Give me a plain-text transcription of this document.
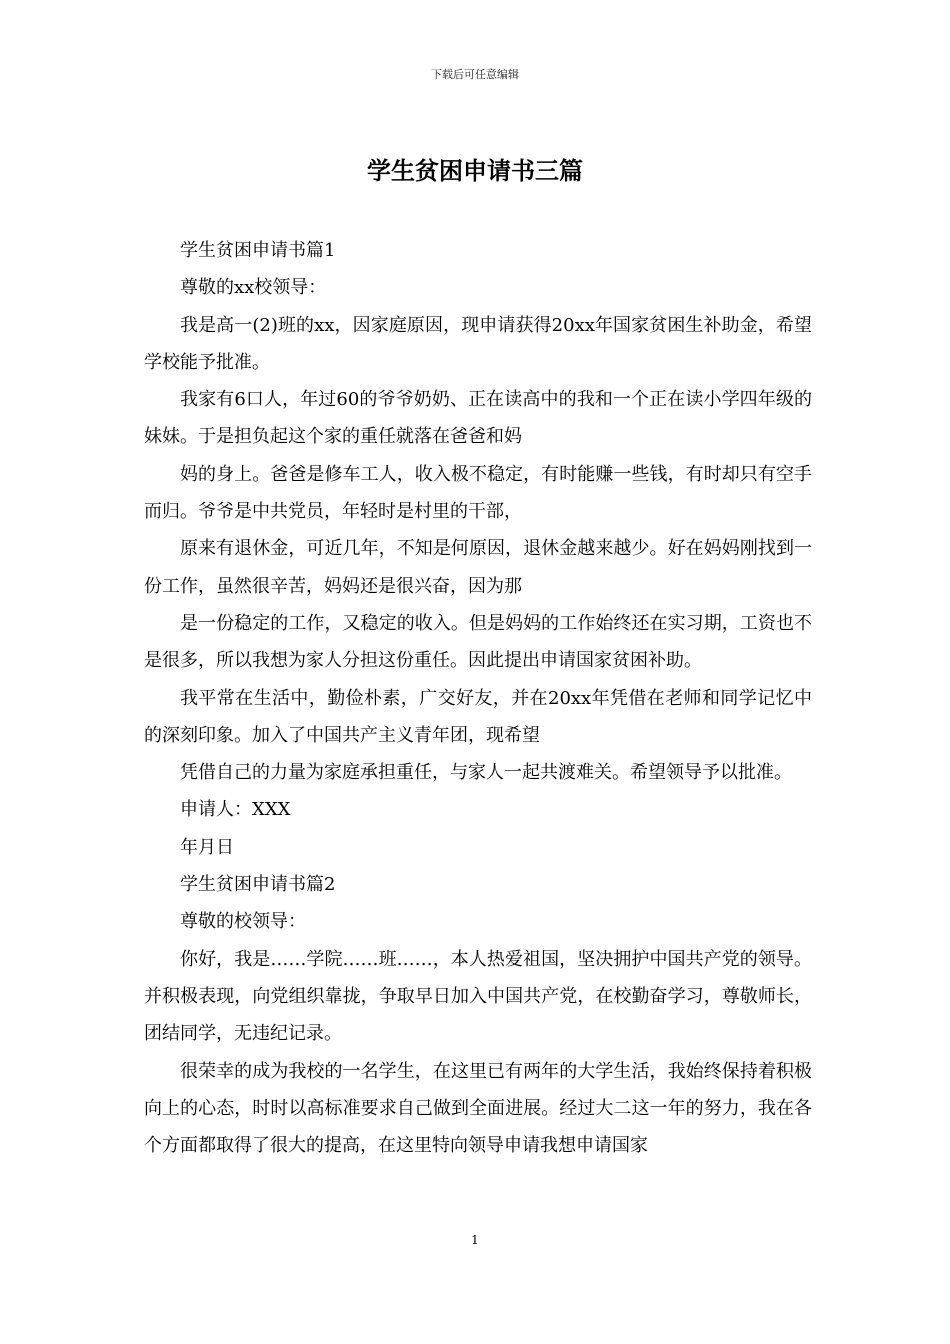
下载后可任意编辑
学生贫困申请书三篇

学生贫困申请书篇1

尊敬的xx校领导：

我是高一(2)班的xx，因家庭原因，现申请获得20xx年国家贫困生补助金，希望学校能予批准。

我家有6口人，年过60的爷爷奶奶、正在读高中的我和一个正在读小学四年级的妹妹。于是担负起这个家的重任就落在爸爸和妈

妈的身上。爸爸是修车工人，收入极不稳定，有时能赚一些钱，有时却只有空手而归。爷爷是中共党员，年轻时是村里的干部，

原来有退休金，可近几年，不知是何原因，退休金越来越少。好在妈妈刚找到一份工作，虽然很辛苦，妈妈还是很兴奋，因为那

是一份稳定的工作，又稳定的收入。但是妈妈的工作始终还在实习期，工资也不是很多，所以我想为家人分担这份重任。因此提出申请国家贫困补助。

我平常在生活中，勤俭朴素，广交好友，并在20xx年凭借在老师和同学记忆中的深刻印象。加入了中国共产主义青年团，现希望

凭借自己的力量为家庭承担重任，与家人一起共渡难关。希望领导予以批准。

申请人：XXX

年月日

学生贫困申请书篇2

尊敬的校领导：

你好，我是……学院……班……，本人热爱祖国，坚决拥护中国共产党的领导。并积极表现，向党组织靠拢，争取早日加入中国共产党，在校勤奋学习，尊敬师长，团结同学，无违纪记录。

很荣幸的成为我校的一名学生，在这里已有两年的大学生活，我始终保持着积极向上的心态，时时以高标准要求自己做到全面进展。经过大二这一年的努力，我在各个方面都取得了很大的提高，在这里特向领导申请我想申请国家

1
